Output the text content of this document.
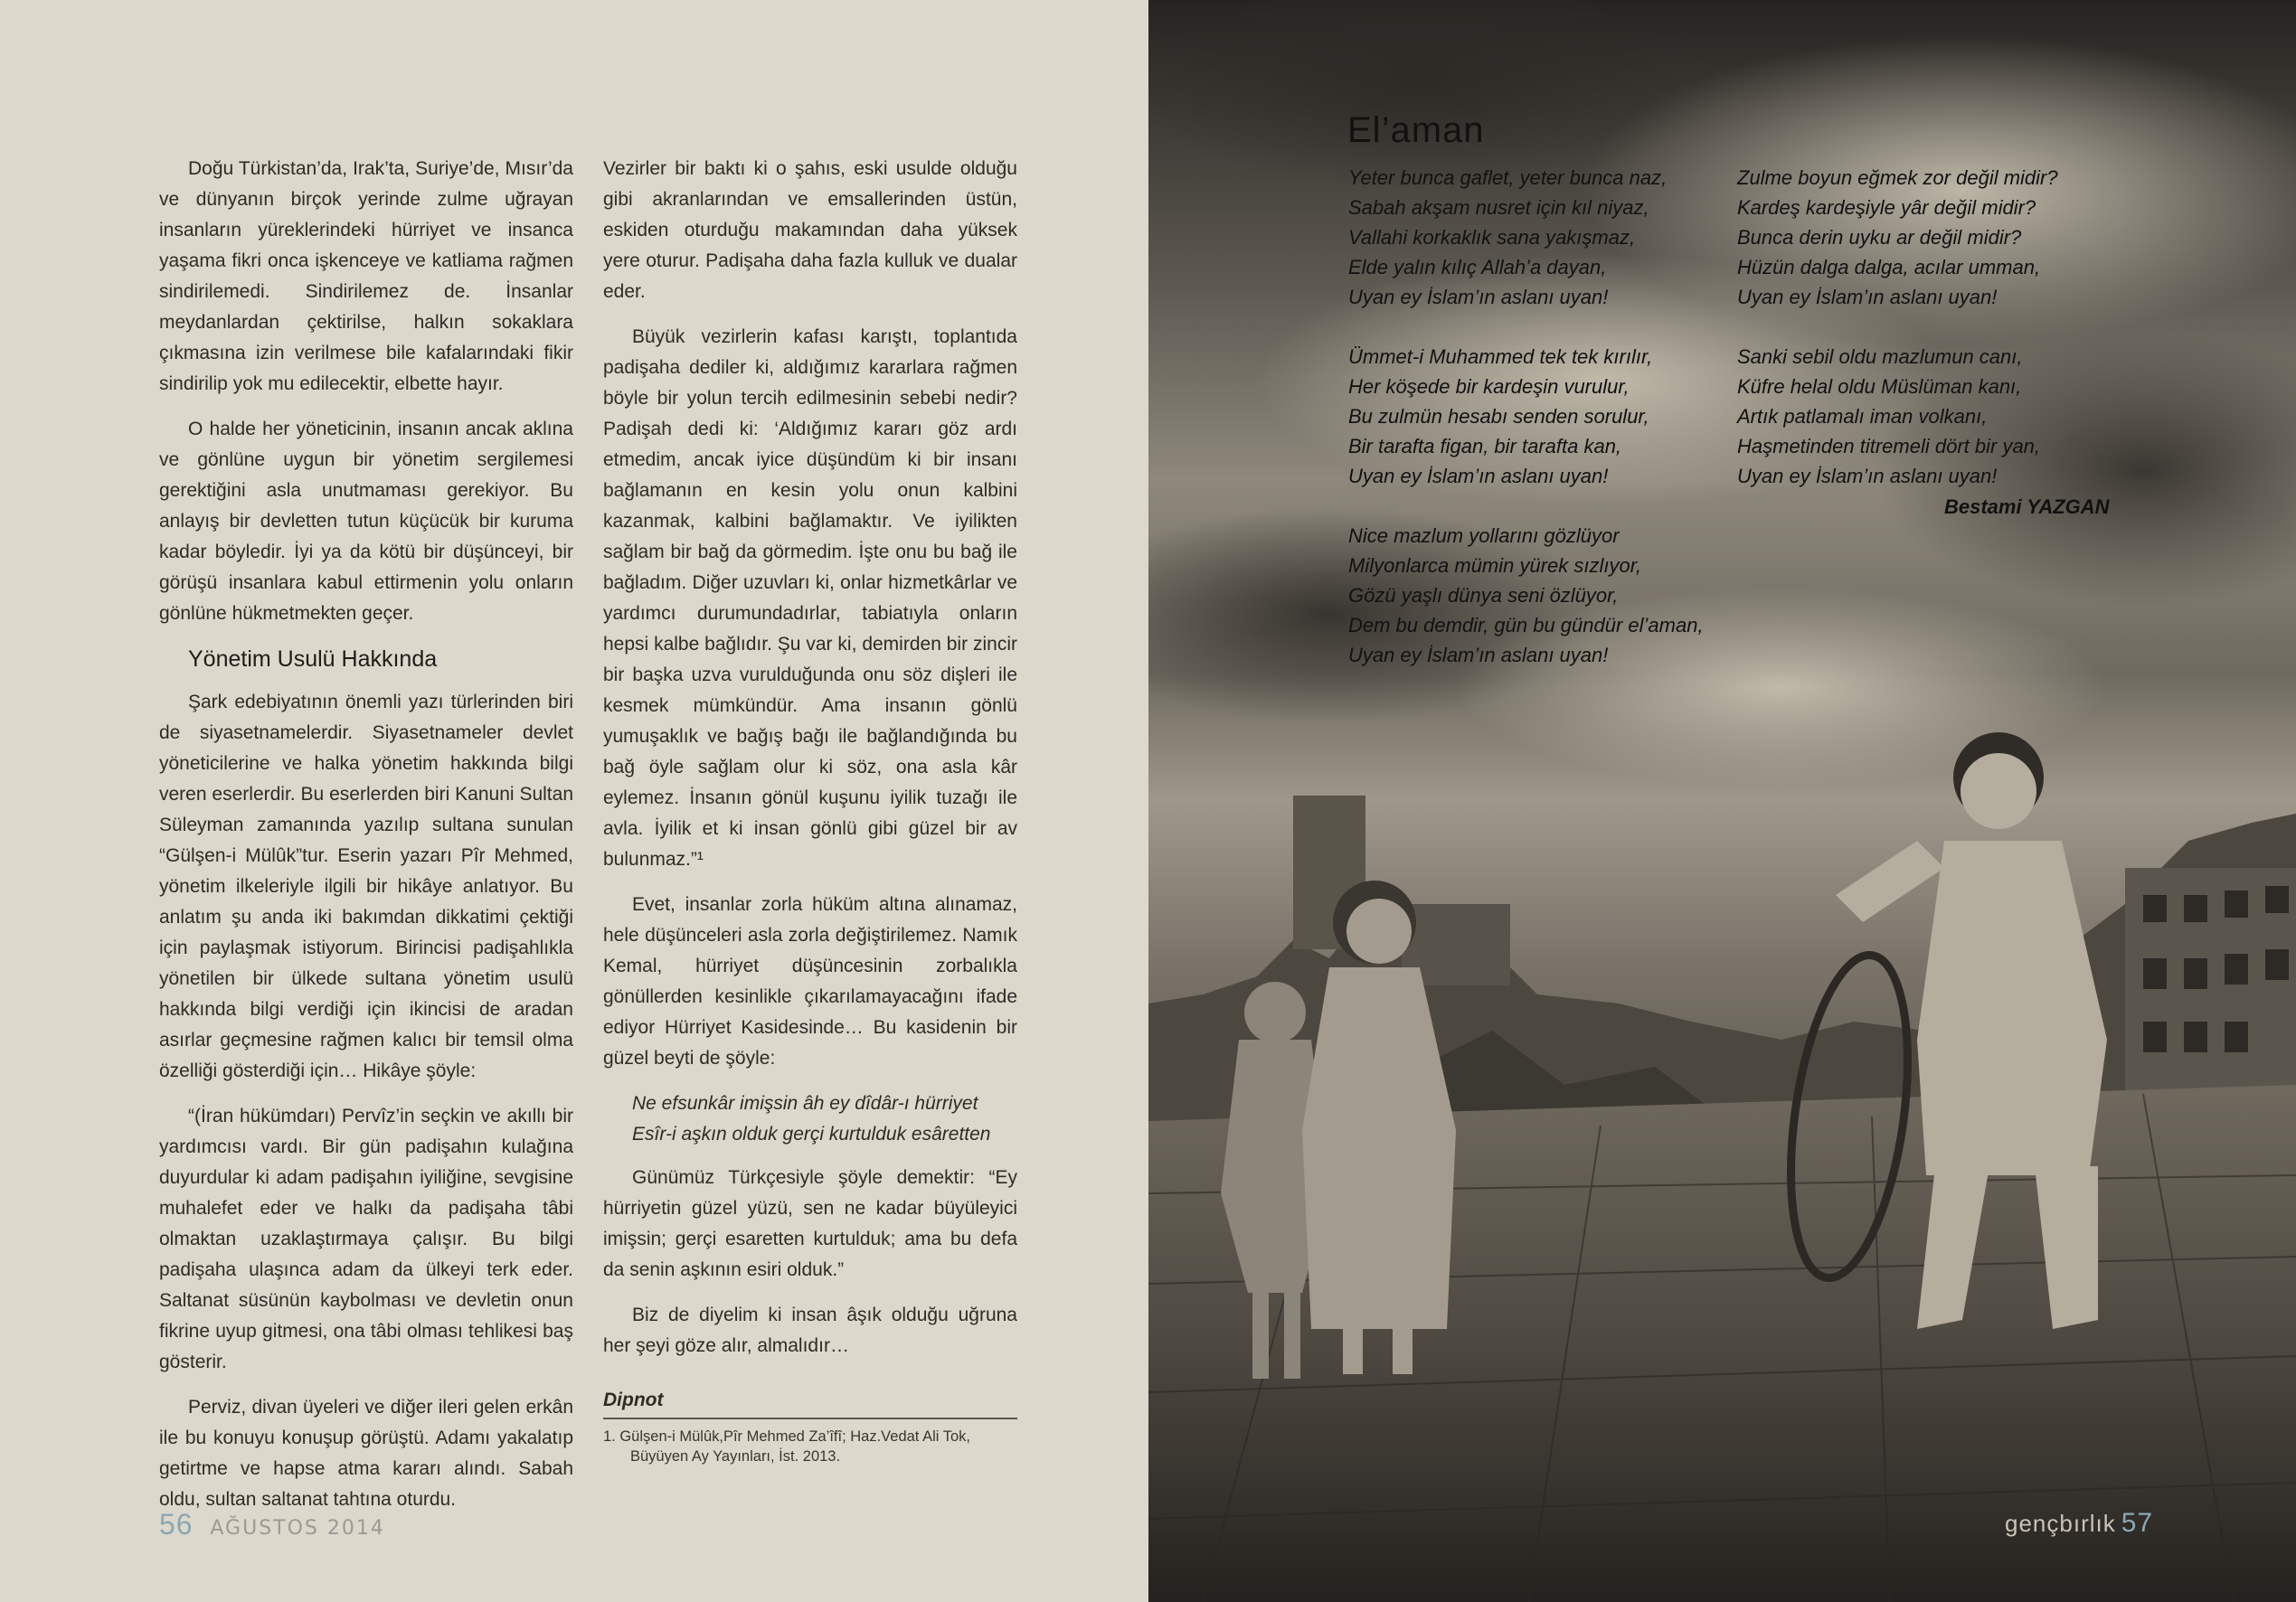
Doğu Türkistan’da, Irak’ta, Suriye’de, Mısır’da ve dünyanın birçok yerinde zulme uğrayan insanların yüreklerindeki hürriyet ve insanca yaşama fikri onca işkenceye ve katliama rağmen sindirilemedi. Sindirilemez de. İnsanlar meydanlardan çektirilse, halkın sokaklara çıkmasına izin verilmese bile kafalarındaki fikir sindirilip yok mu edilecektir, elbette hayır.

O halde her yöneticinin, insanın ancak aklına ve gönlüne uygun bir yönetim sergilemesi gerektiğini asla unutmaması gerekiyor. Bu anlayış bir devletten tutun küçücük bir kuruma kadar böyledir. İyi ya da kötü bir düşünceyi, bir görüşü insanlara kabul ettirmenin yolu onların gönlüne hükmetmekten geçer.

Yönetim Usulü Hakkında

Şark edebiyatının önemli yazı türlerinden biri de siyasetnamelerdir. Siyasetnameler devlet yöneticilerine ve halka yönetim hakkında bilgi veren eserlerdir. Bu eserlerden biri Kanuni Sultan Süleyman zamanında yazılıp sultana sunulan “Gülşen-i Mülûk”tur. Eserin yazarı Pîr Mehmed, yönetim ilkeleriyle ilgili bir hikâye anlatıyor. Bu anlatım şu anda iki bakımdan dikkatimi çektiği için paylaşmak istiyorum. Birincisi padişahlıkla yönetilen bir ülkede sultana yönetim usulü hakkında bilgi verdiği için ikincisi de aradan asırlar geçmesine rağmen kalıcı bir temsil olma özelliği gösterdiği için… Hikâye şöyle:

“(İran hükümdarı) Pervîz’in seçkin ve akıllı bir yardımcısı vardı. Bir gün padişahın kulağına duyurdular ki adam padişahın iyiliğine, sevgisine muhalefet eder ve halkı da padişaha tâbi olmaktan uzaklaştırmaya çalışır. Bu bilgi padişaha ulaşınca adam da ülkeyi terk eder. Saltanat süsünün kaybolması ve devletin onun fikrine uyup gitmesi, ona tâbi olması tehlikesi baş gösterir.

Perviz, divan üyeleri ve diğer ileri gelen erkân ile bu konuyu konuşup görüştü. Adamı yakalatıp getirtme ve hapse atma kararı alındı. Sabah oldu, sultan saltanat tahtına oturdu.

Vezirler bir baktı ki o şahıs, eski usulde olduğu gibi akranlarından ve emsallerinden üstün, eskiden oturduğu makamından daha yüksek yere oturur. Padişaha daha fazla kulluk ve dualar eder.

Büyük vezirlerin kafası karıştı, toplantıda padişaha dediler ki, aldığımız kararlara rağmen böyle bir yolun tercih edilmesinin sebebi nedir? Padişah dedi ki: ‘Aldığımız kararı göz ardı etmedim, ancak iyice düşündüm ki bir insanı bağlamanın en kesin yolu onun kalbini kazanmak, kalbini bağlamaktır. Ve iyilikten sağlam bir bağ da görmedim. İşte onu bu bağ ile bağladım. Diğer uzuvları ki, onlar hizmetkârlar ve yardımcı durumundadırlar, tabiatıyla onların hepsi kalbe bağlıdır. Şu var ki, demirden bir zincir bir başka uzva vurulduğunda onu söz dişleri ile kesmek mümkündür. Ama insanın gönlü yumuşaklık ve bağış bağı ile bağlandığında bu bağ öyle sağlam olur ki söz, ona asla kâr eylemez. İnsanın gönül kuşunu iyilik tuzağı ile avla. İyilik et ki insan gönlü gibi güzel bir av bulunmaz.”¹

Evet, insanlar zorla hüküm altına alınamaz, hele düşünceleri asla zorla değiştirilemez. Namık Kemal, hürriyet düşüncesinin zorbalıkla gönüllerden kesinlikle çıkarılamayacağını ifade ediyor Hürriyet Kasidesinde… Bu kasidenin bir güzel beyti de şöyle:

Ne efsunkâr imişsin âh ey dîdâr-ı hürriyet
Esîr-i aşkın olduk gerçi kurtulduk esâretten

Günümüz Türkçesiyle şöyle demektir: “Ey hürriyetin güzel yüzü, sen ne kadar büyüleyici imişsin; gerçi esaretten kurtulduk; ama bu defa da senin aşkının esiri olduk.”

Biz de diyelim ki insan âşık olduğu uğruna her şeyi göze alır, almalıdır…

Dipnot
1. Gülşen-i Mülûk,Pîr Mehmed Za’îfî; Haz.Vedat Ali Tok, Büyüyen Ay Yayınları, İst. 2013.
56 AĞUSTOS 2014
El’aman
Yeter bunca gaflet, yeter bunca naz,
Sabah akşam nusret için kıl niyaz,
Vallahi korkaklık sana yakışmaz,
Elde yalın kılıç Allah’a dayan,
Uyan ey İslam’ın aslanı uyan!
Ümmet-i Muhammed tek tek kırılır,
Her köşede bir kardeşin vurulur,
Bu zulmün hesabı senden sorulur,
Bir tarafta figan, bir tarafta kan,
Uyan ey İslam’ın aslanı uyan!
Nice mazlum yollarını gözlüyor
Milyonlarca mümin yürek sızlıyor,
Gözü yaşlı dünya seni özlüyor,
Dem bu demdir, gün bu gündür el’aman,
Uyan ey İslam’ın aslanı uyan!
Zulme boyun eğmek zor değil midir?
Kardeş kardeşiyle yâr değil midir?
Bunca derin uyku ar değil midir?
Hüzün dalga dalga, acılar umman,
Uyan ey İslam’ın aslanı uyan!
Sanki sebil oldu mazlumun canı,
Küfre helal oldu Müslüman kanı,
Artık patlamalı iman volkanı,
Haşmetinden titremeli dört bir yan,
Uyan ey İslam’ın aslanı uyan!
Bestami YAZGAN
gençbırlık 57
